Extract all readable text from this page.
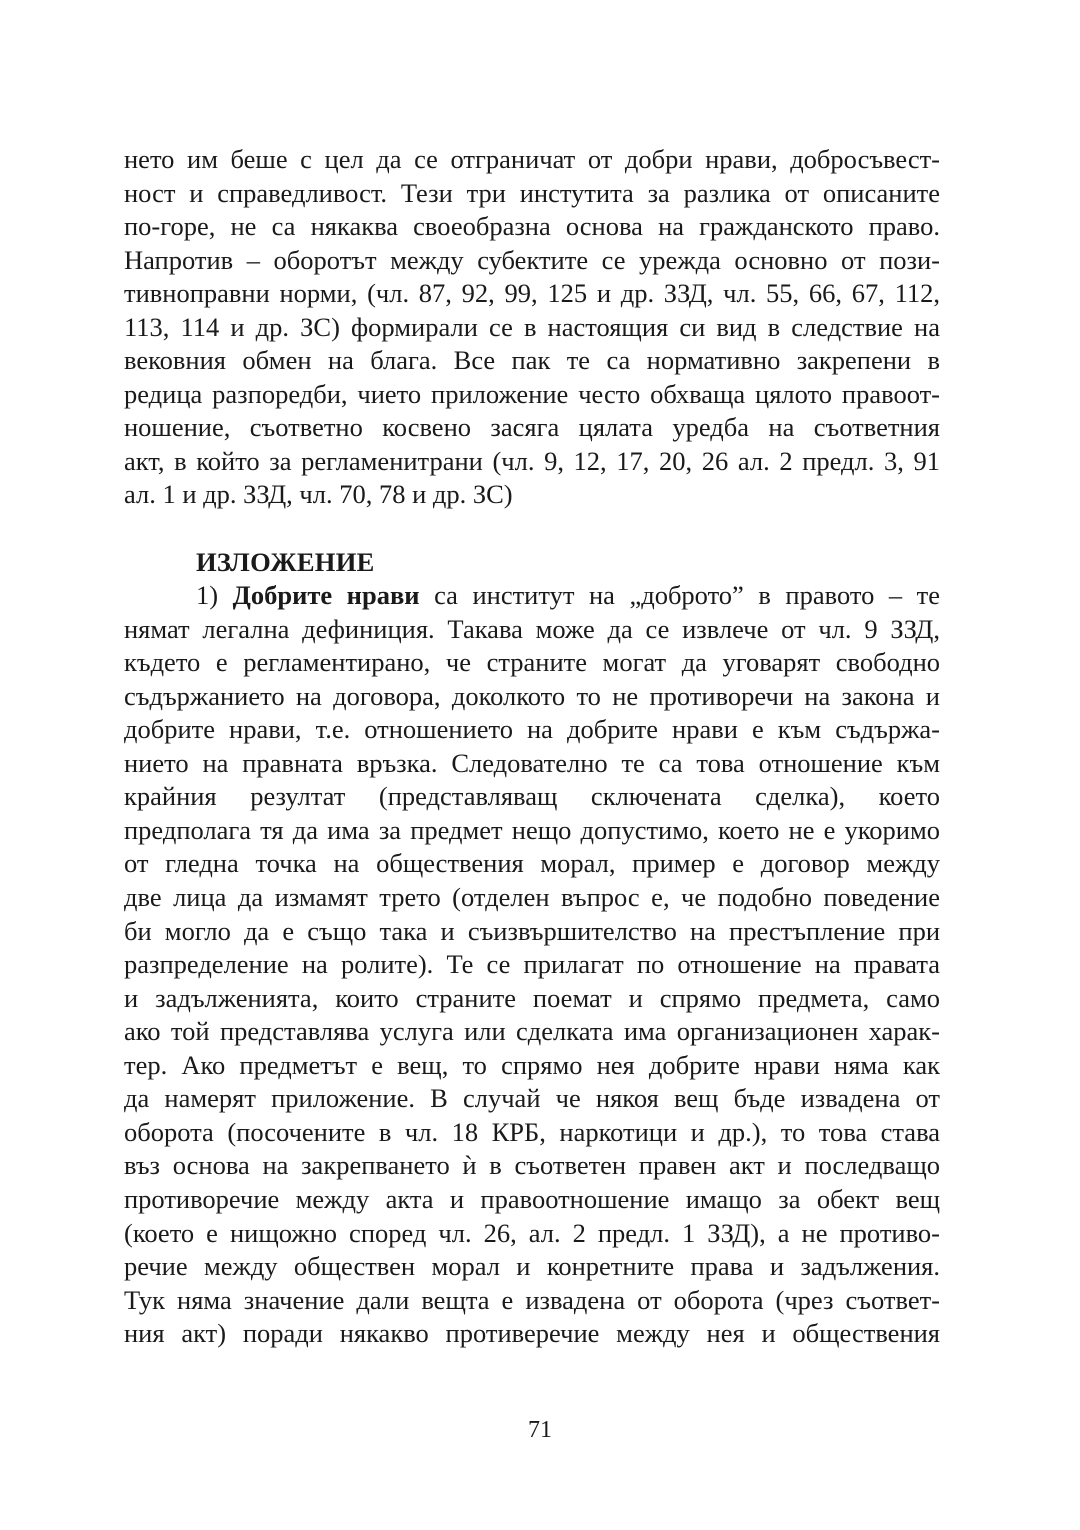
нето им беше с цел да се отграничат от добри нрави, добросъвест-
ност и справедливост. Тези три инстутита за разлика от описаните
по-горе, не са някаква своеобразна основа на гражданското право.
Напротив – оборотът между субектите се урежда основно от пози-
тивноправни норми, (чл. 87, 92, 99, 125 и др. ЗЗД, чл. 55, 66, 67, 112,
113, 114 и др. ЗС) формирали се в настоящия си вид в следствие на
вековния обмен на блага. Все пак те са нормативно закрепени в
редица разпоредби, чието приложение често обхваща цялото правоот-
ношение, съответно косвено засяга цялата уредба на съответния
акт, в който за регламенитрани (чл. 9, 12, 17, 20, 26 ал. 2 предл. 3, 91
ал. 1 и др. ЗЗД, чл. 70, 78 и др. ЗС)
ИЗЛОЖЕНИЕ
1) Добрите нрави са институт на „доброто” в правото – те
нямат легална дефиниция. Такава може да се извлече от чл. 9 ЗЗД,
където е регламентирано, че страните могат да уговарят свободно
съдържанието на договора, доколкото то не противоречи на закона и
добрите нрави, т.е. отношението на добрите нрави е към съдържа-
нието на правната връзка. Следователно те са това отношение към
крайния резултат (представляващ сключената сделка), което
предполага тя да има за предмет нещо допустимо, което не е укоримо
от гледна точка на обществения морал, пример е договор между
две лица да измамят трето (отделен въпрос е, че подобно поведение
би могло да е също така и съизвършителство на престъпление при
разпределение на ролите). Те се прилагат по отношение на правата
и задълженията, които страните поемат и спрямо предмета, само
ако той представлява услуга или сделката има организационен харак-
тер. Ако предметът е вещ, то спрямо нея добрите нрави няма как
да намерят приложение. В случай че някоя вещ бъде извадена от
оборота (посочените в чл. 18 КРБ, наркотици и др.), то това става
въз основа на закрепването ѝ в съответен правен акт и последващо
противоречие между акта и правоотношение имащо за обект вещ
(което е нищожно според чл. 26, ал. 2 предл. 1 ЗЗД), а не противо-
речие между обществен морал и конретните права и задължения.
Тук няма значение дали вещта е извадена от оборота (чрез съответ-
ния акт) поради някакво противеречие между нея и обществения
71
